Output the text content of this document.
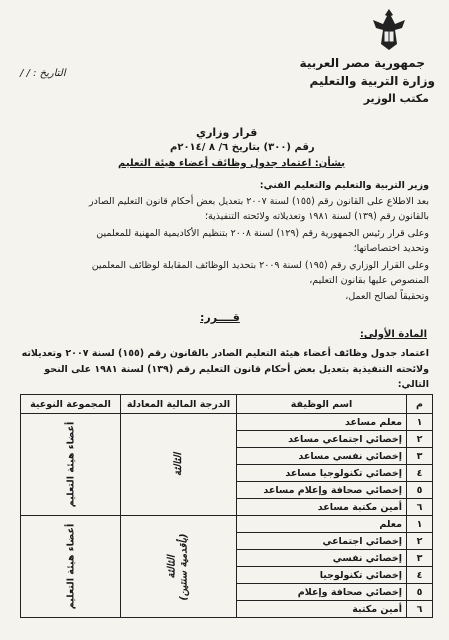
جمهورية مصر العربية
وزارة التربية والتعليم
مكتب الوزير
التاريخ : / /
قرار وزاري
رقم (٣٠٠) بتاريخ ٦/ ٨ /٢٠١٤م
بشأن: اعتماد جدول وظائف أعضاء هيئة التعليم
وزير التربية والتعليم والتعليم الفني:
بعد الاطلاع على القانون رقم (١٥٥) لسنة ٢٠٠٧ بتعديل بعض أحكام قانون التعليم الصادر
بالقانون رقم (١٣٩) لسنة ١٩٨١ وتعديلاته ولائحته التنفيذية؛
وعلى قرار رئيس الجمهورية رقم (١٢٩) لسنة ٢٠٠٨ بتنظيم الأكاديمية المهنية للمعلمين
وتحديد اختصاصاتها؛
وعلى القرار الوزاري رقم (١٩٥) لسنة ٢٠٠٩ بتحديد الوظائف المقابلة لوظائف المعلمين
المنصوص عليها بقانون التعليم،
وتحقيقاً لصالح العمل،
قــــرر:
المادة الأولى:
اعتماد جدول وظائف أعضاء هيئة التعليم الصادر بالقانون رقم (١٥٥) لسنة ٢٠٠٧ وتعديلاته
ولائحته التنفيذية بتعديل بعض أحكام قانون التعليم رقم (١٣٩) لسنة ١٩٨١ على النحو التالي:
م	اسم الوظيفة	الدرجة المالية المعادلة	المجموعة النوعية
١	معلم مساعد	الثالثة	أعضاء هيئة التعليم
٢	إخصائي اجتماعي مساعد		
٣	إخصائي نفسي مساعد		
٤	إخصائي تكنولوجيا مساعد		
٥	إخصائي صحافة وإعلام مساعد		
٦	أمين مكتبة مساعد		
١	معلم	الثالثة
(بأقدمية سنتين)	أعضاء هيئة التعليم
٢	إخصائي اجتماعي		
٣	إخصائي نفسي		
٤	إخصائي تكنولوجيا		
٥	إخصائي صحافة وإعلام		
٦	أمين مكتبة		
